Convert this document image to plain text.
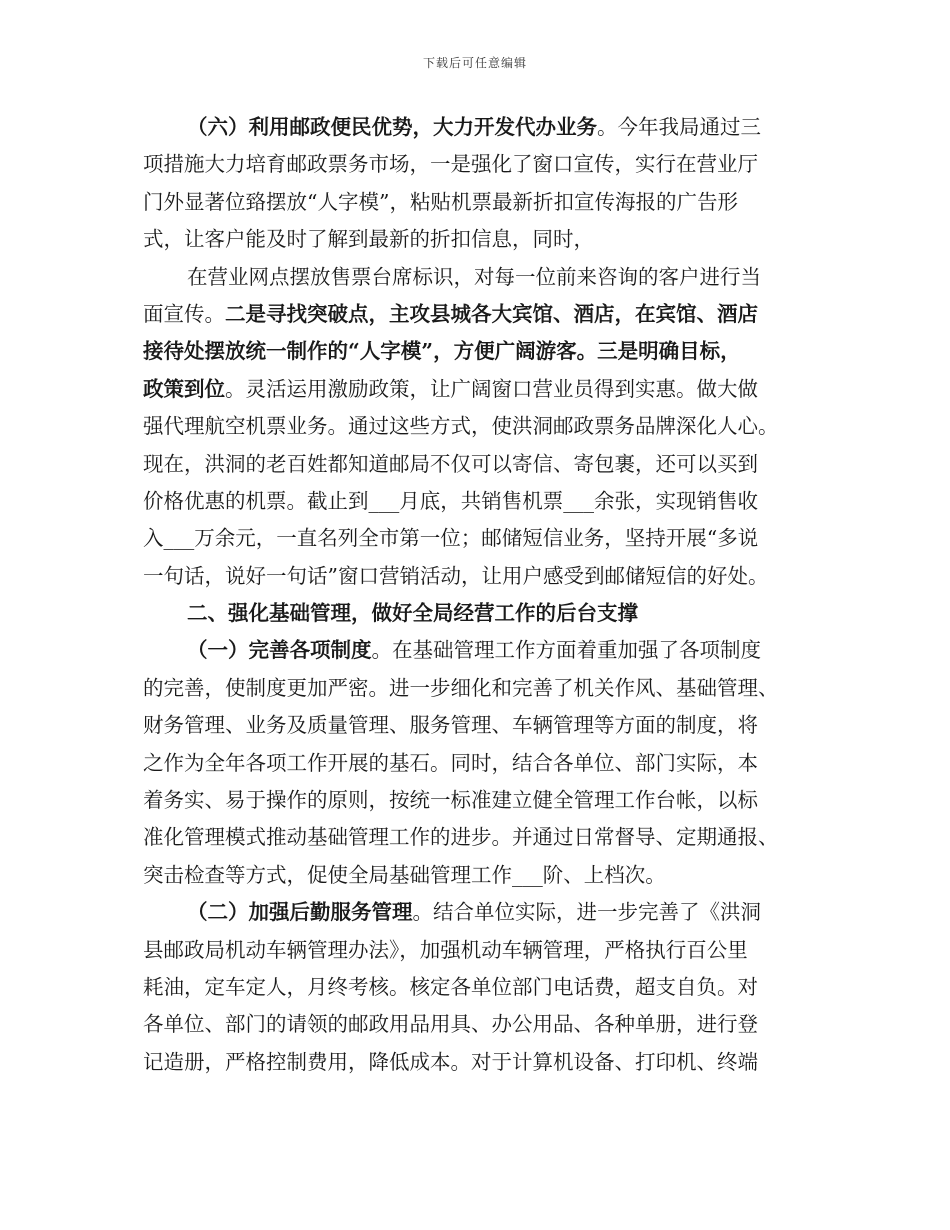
下载后可任意编辑
（六）利用邮政便民优势，大力开发代办业务。今年我局通过三
项措施大力培育邮政票务市场，一是强化了窗口宣传，实行在营业厅
门外显著位臵摆放“人字模”，粘贴机票最新折扣宣传海报的广告形
式，让客户能及时了解到最新的折扣信息，同时，
在营业网点摆放售票台席标识，对每一位前来咨询的客户进行当
面宣传。二是寻找突破点，主攻县城各大宾馆、酒店，在宾馆、酒店
接待处摆放统一制作的“人字模”，方便广阔游客。三是明确目标，
政策到位。灵活运用激励政策，让广阔窗口营业员得到实惠。做大做
强代理航空机票业务。通过这些方式，使洪洞邮政票务品牌深化人心。
现在，洪洞的老百姓都知道邮局不仅可以寄信、寄包裹，还可以买到
价格优惠的机票。截止到___月底，共销售机票___余张，实现销售收
入___万余元，一直名列全市第一位；邮储短信业务，坚持开展“多说
一句话，说好一句话”窗口营销活动，让用户感受到邮储短信的好处。
二、强化基础管理，做好全局经营工作的后台支撑
（一）完善各项制度。在基础管理工作方面着重加强了各项制度
的完善，使制度更加严密。进一步细化和完善了机关作风、基础管理、
财务管理、业务及质量管理、服务管理、车辆管理等方面的制度，将
之作为全年各项工作开展的基石。同时，结合各单位、部门实际，本
着务实、易于操作的原则，按统一标准建立健全管理工作台帐，以标
准化管理模式推动基础管理工作的进步。并通过日常督导、定期通报、
突击检查等方式，促使全局基础管理工作___阶、上档次。
（二）加强后勤服务管理。结合单位实际，进一步完善了《洪洞
县邮政局机动车辆管理办法》，加强机动车辆管理，严格执行百公里
耗油，定车定人，月终考核。核定各单位部门电话费，超支自负。对
各单位、部门的请领的邮政用品用具、办公用品、各种单册，进行登
记造册，严格控制费用，降低成本。对于计算机设备、打印机、终端
